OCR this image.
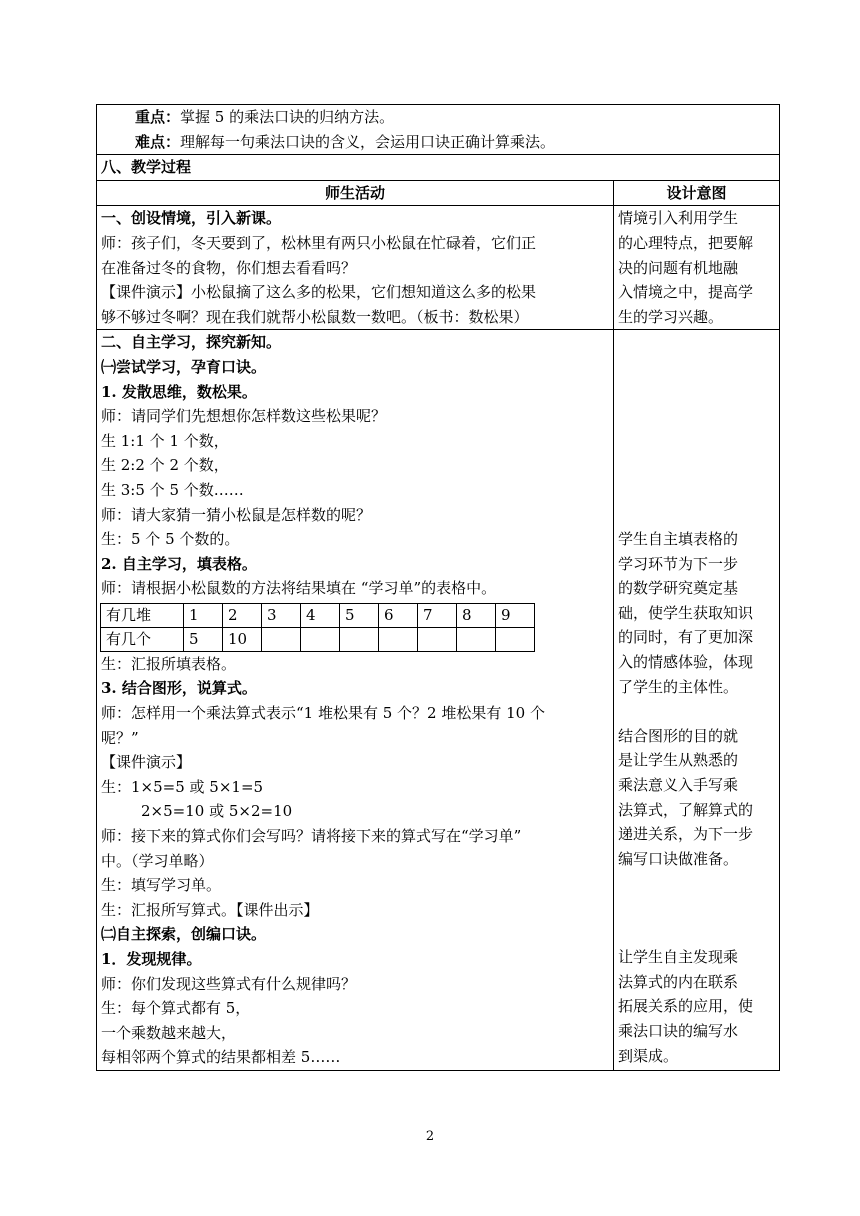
重点：掌握 5 的乘法口诀的归纳方法。
难点：理解每一句乘法口诀的含义，会运用口诀正确计算乘法。

八、教学过程
师生活动	设计意图

一、创设情境，引入新课。
师：孩子们，冬天要到了，松林里有两只小松鼠在忙碌着，它们正
在准备过冬的食物，你们想去看看吗？
【课件演示】小松鼠摘了这么多的松果，它们想知道这么多的松果
够不够过冬啊？现在我们就帮小松鼠数一数吧。（板书：数松果）

情境引入利用学生
的心理特点，把要解
决的问题有机地融
入情境之中，提高学
生的学习兴趣。

二、自主学习，探究新知。
㈠尝试学习，孕育口诀。
1. 发散思维，数松果。
师：请同学们先想想你怎样数这些松果呢？
生 1:1 个 1 个数，
生 2:2 个 2 个数，
生 3:5 个 5 个数……
师：请大家猜一猜小松鼠是怎样数的呢？
生：5 个 5 个数的。
2. 自主学习，填表格。
师：请根据小松鼠数的方法将结果填在 “学习单”的表格中。
有几堆	1	2	3	4	5	6	7	8	9
有几个	5	10							
生：汇报所填表格。
3. 结合图形，说算式。
师：怎样用一个乘法算式表示“1 堆松果有 5 个？2 堆松果有 10 个
呢？”
【课件演示】
生：1×5=5 或 5×1=5
2×5=10 或 5×2=10
师：接下来的算式你们会写吗？请将接下来的算式写在“学习单”
中。（学习单略）
生：填写学习单。
生：汇报所写算式。【课件出示】
㈡自主探索，创编口诀。
1．发现规律。
师：你们发现这些算式有什么规律吗？
生：每个算式都有 5，
一个乘数越来越大，
每相邻两个算式的结果都相差 5……

学生自主填表格的
学习环节为下一步
的数学研究奠定基
础，使学生获取知识
的同时，有了更加深
入的情感体验，体现
了学生的主体性。
结合图形的目的就
是让学生从熟悉的
乘法意义入手写乘
法算式，了解算式的
递进关系，为下一步
编写口诀做准备。
让学生自主发现乘
法算式的内在联系
拓展关系的应用，使
乘法口诀的编写水
到渠成。
2
